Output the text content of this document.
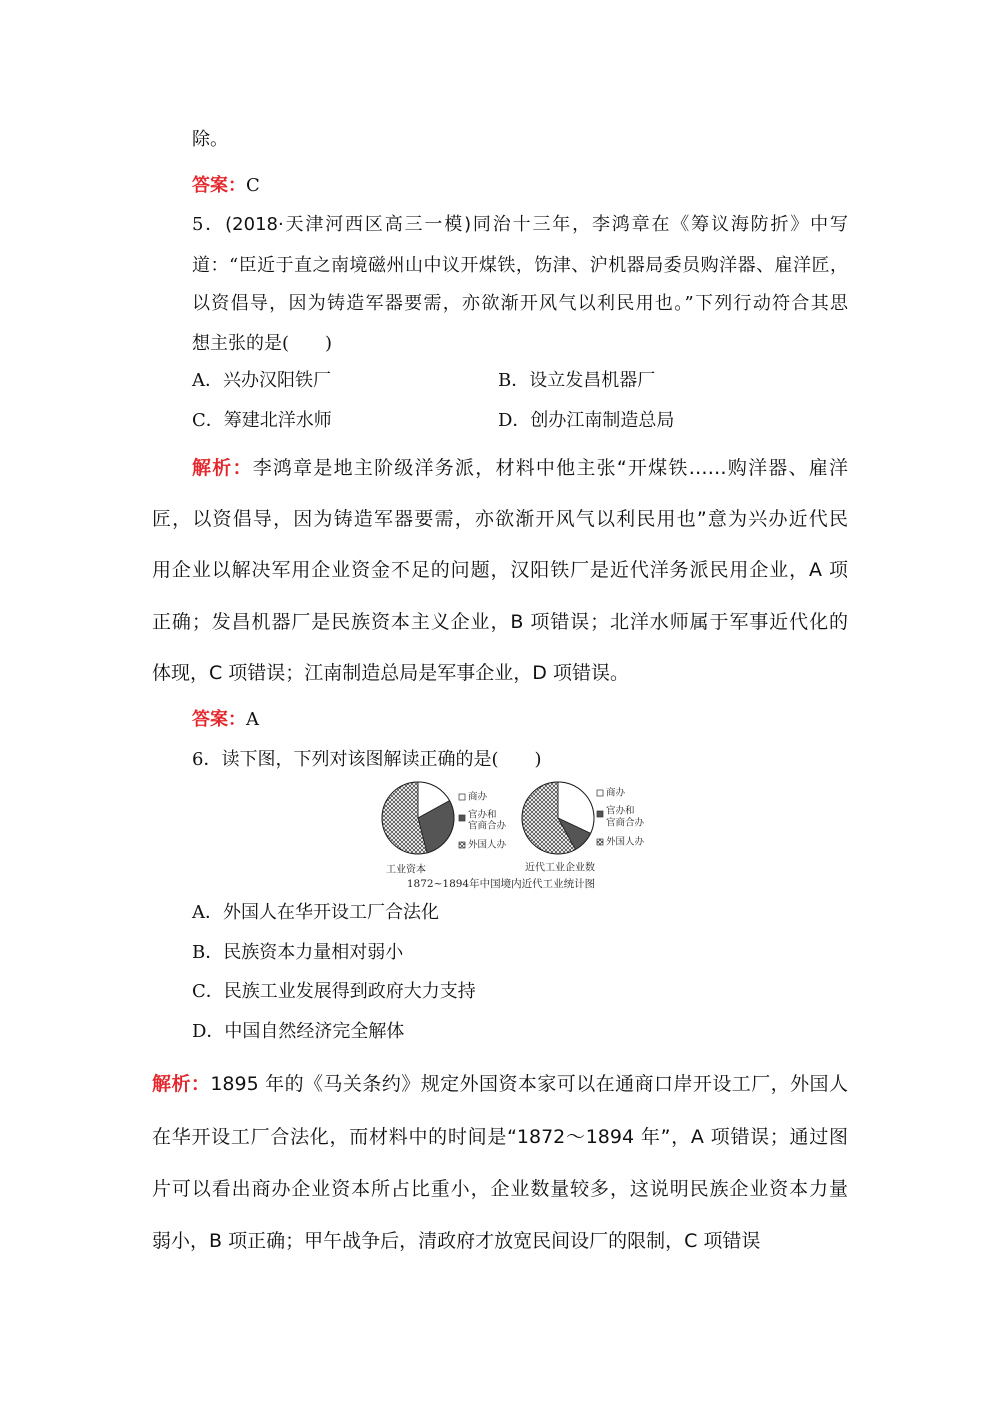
除。
答案：C
5．(2018·天津河西区高三一模)同治十三年，李鸿章在《筹议海防折》中写
道：“臣近于直之南境磁州山中议开煤铁，饬津、沪机器局委员购洋器、雇洋匠，
以资倡导，因为铸造军器要需，亦欲渐开风气以利民用也。”下列行动符合其思
想主张的是(　　)
A．兴办汉阳铁厂	B．设立发昌机器厂
C．筹建北洋水师	D．创办江南制造总局
解析：李鸿章是地主阶级洋务派，材料中他主张“开煤铁……购洋器、雇洋
匠，以资倡导，因为铸造军器要需，亦欲渐开风气以利民用也”意为兴办近代民
用企业以解决军用企业资金不足的问题，汉阳铁厂是近代洋务派民用企业，A 项
正确；发昌机器厂是民族资本主义企业，B 项错误；北洋水师属于军事近代化的
体现，C 项错误；江南制造总局是军事企业，D 项错误。
答案：A
6．读下图，下列对该图解读正确的是(　　)
商办
官办和
官商合办
外国人办
工业资本
商办
官办和
官商合办
外国人办
近代工业企业数
1872~1894年中国境内近代工业统计图
A．外国人在华开设工厂合法化
B．民族资本力量相对弱小
C．民族工业发展得到政府大力支持
D．中国自然经济完全解体
解析：1895 年的《马关条约》规定外国资本家可以在通商口岸开设工厂，外国人
在华开设工厂合法化，而材料中的时间是“1872～1894 年”，A 项错误；通过图
片可以看出商办企业资本所占比重小，企业数量较多，这说明民族企业资本力量
弱小，B 项正确；甲午战争后，清政府才放宽民间设厂的限制，C 项错误
